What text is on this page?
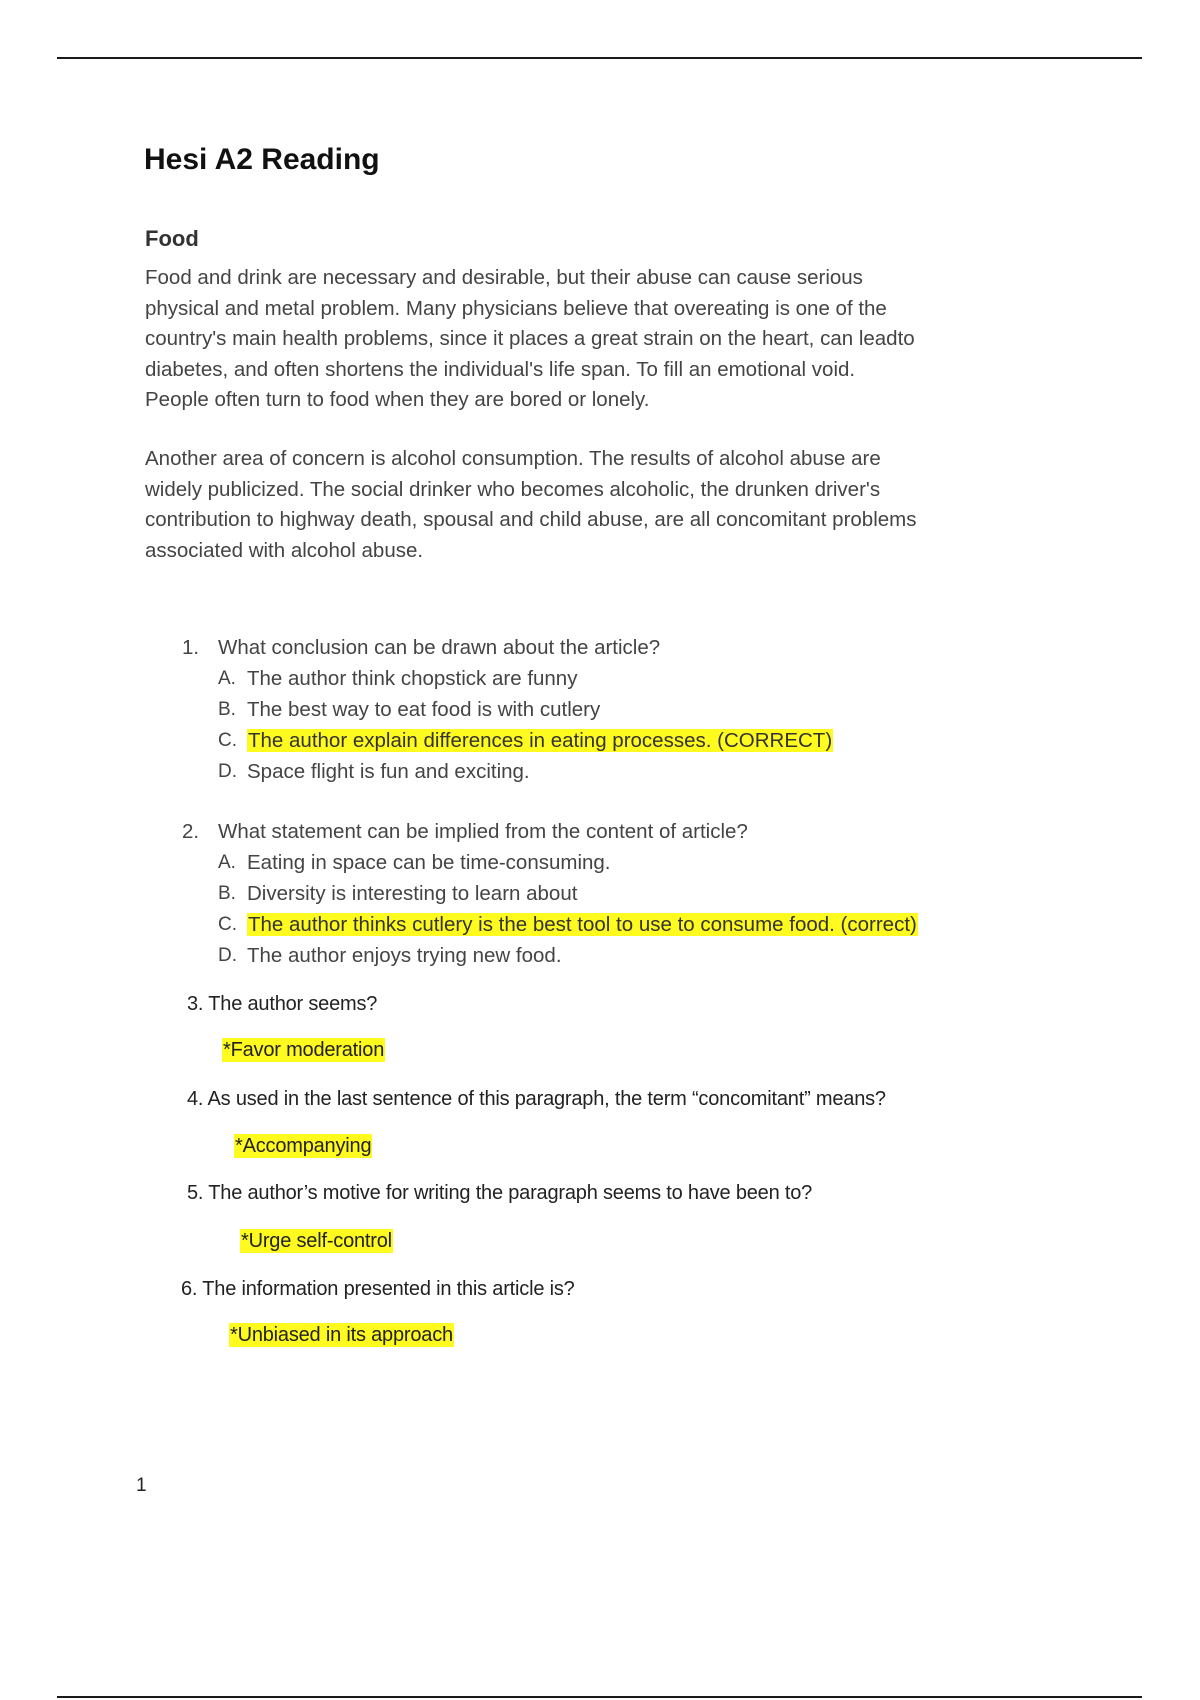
Hesi A2 Reading
Food

Food and drink are necessary and desirable, but their abuse can cause serious
physical and metal problem. Many physicians believe that overeating is one of the
country's main health problems, since it places a great strain on the heart, can leadto
diabetes, and often shortens the individual's life span. To fill an emotional void.
People often turn to food when they are bored or lonely.

Another area of concern is alcohol consumption. The results of alcohol abuse are
widely publicized. The social drinker who becomes alcoholic, the drunken driver's
contribution to highway death, spousal and child abuse, are all concomitant problems
associated with alcohol abuse.

1. What conclusion can be drawn about the article?
A. The author think chopstick are funny
B. The best way to eat food is with cutlery
C. The author explain differences in eating processes. (CORRECT)
D. Space flight is fun and exciting.
2. What statement can be implied from the content of article?
A. Eating in space can be time-consuming.
B. Diversity is interesting to learn about
C. The author thinks cutlery is the best tool to use to consume food. (correct)
D. The author enjoys trying new food.

3. The author seems?

*Favor moderation

4. As used in the last sentence of this paragraph, the term “concomitant” means?

*Accompanying

5. The author’s motive for writing the paragraph seems to have been to?

*Urge self-control

6. The information presented in this article is?

*Unbiased in its approach

1
